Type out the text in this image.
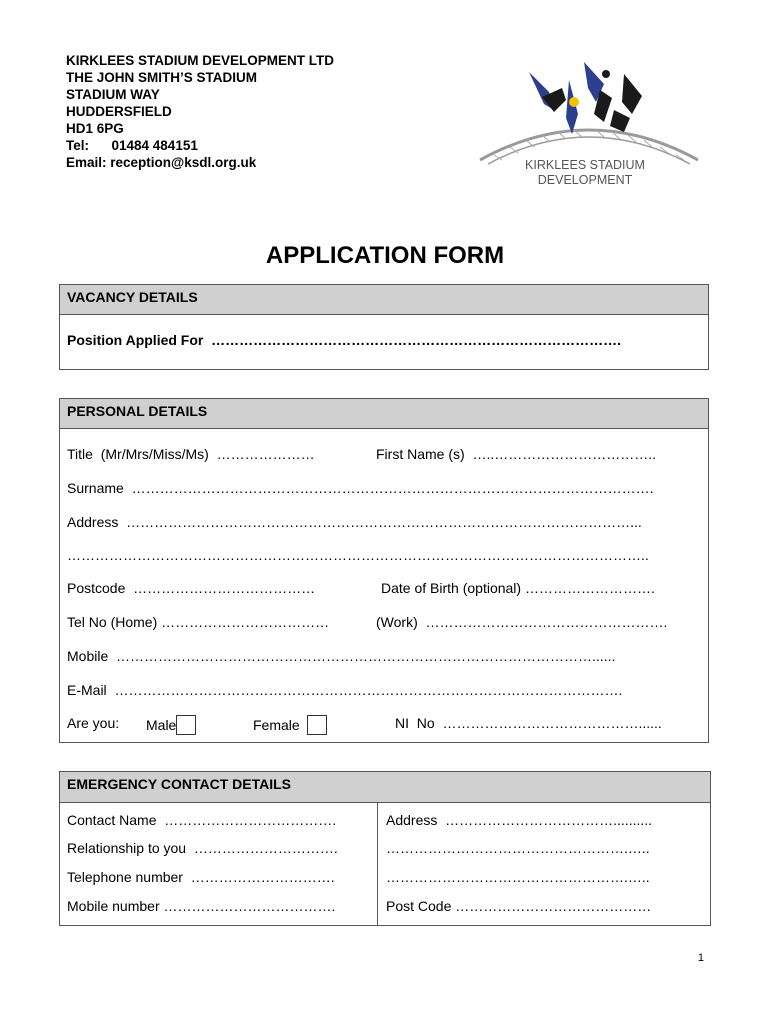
KIRKLEES STADIUM DEVELOPMENT LTD
THE JOHN SMITH’S STADIUM
STADIUM WAY
HUDDERSFIELD
HD1 6PG
Tel:      01484 484151
Email: reception@ksdl.org.uk	KIRKLEES STADIUM
DEVELOPMENT
APPLICATION FORM
VACANCY DETAILS
Position Applied For  …………………………………………………………………………….
PERSONAL DETAILS
Title  (Mr/Mrs/Miss/Ms)  …………………	First Name (s)  …..……………………………..
Surname  ………………………………………………………………………………………………….
Address  ………………………………………………………………………………………………...
……………………………………………………………………………………………………………..
Postcode  …………………………………	Date of Birth (optional) ……………………….
Tel No (Home) ………………………………	(Work)  …………………………………………….
Mobile  …………………………………………………………………………………………......
E-Mail  ……………………………………………………………………………………………….
Are you: Male	Female	NI  No  ……………………………………......
EMERGENCY CONTACT DETAILS
Contact Name  ……………………………….
Relationship to you  ………………………….
Telephone number  ………………………….
Mobile number ……………………………….
Address  ………………………………..........
…………………………………………….…..
…………………………………………….…..
Post Code ……………………………………
1
